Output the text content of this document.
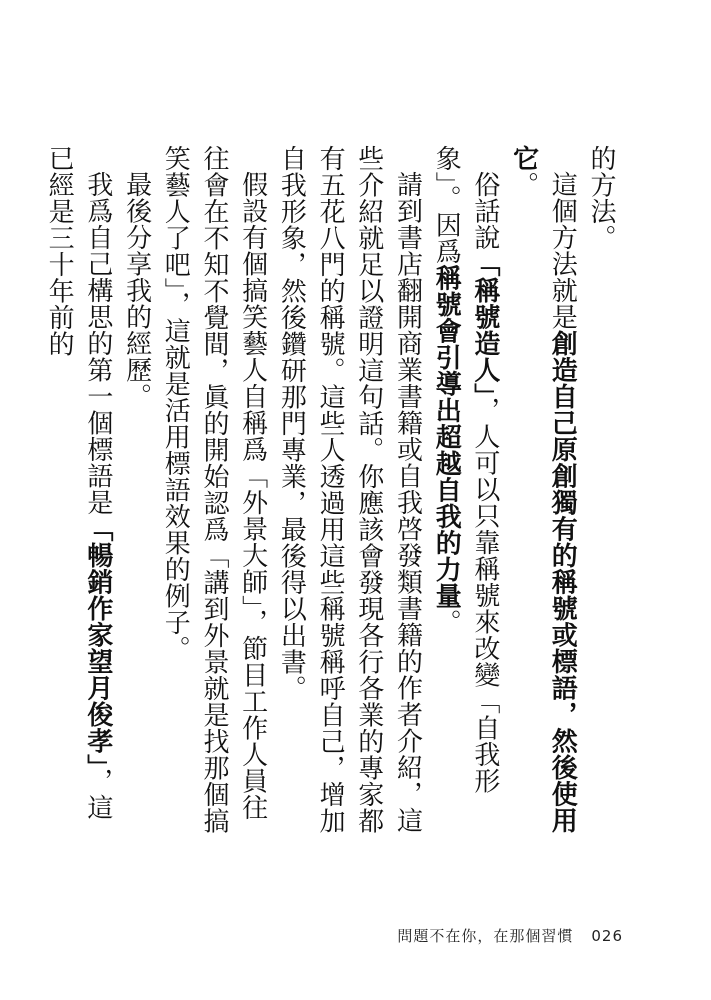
的方法。

這個方法就是創造自己原創獨有的稱號或標語，然後使用它。

俗話說「稱號造人」，人可以只靠稱號來改變「自我形象」。因爲稱號會引導出超越自我的力量。

請到書店翻開商業書籍或自我啓發類書籍的作者介紹，這些介紹就足以證明這句話。你應該會發現各行各業的專家都有五花八門的稱號。這些人透過用這些稱號稱呼自己，增加自我形象，然後鑽研那門專業，最後得以出書。

假設有個搞笑藝人自稱爲「外景大師」，節目工作人員往往會在不知不覺間，眞的開始認爲「講到外景就是找那個搞笑藝人了吧」，這就是活用標語效果的例子。

最後分享我的經歷。

我爲自己構思的第一個標語是「暢銷作家望月俊孝」，這已經是三十年前的

問題不在你，在那個習慣 026
